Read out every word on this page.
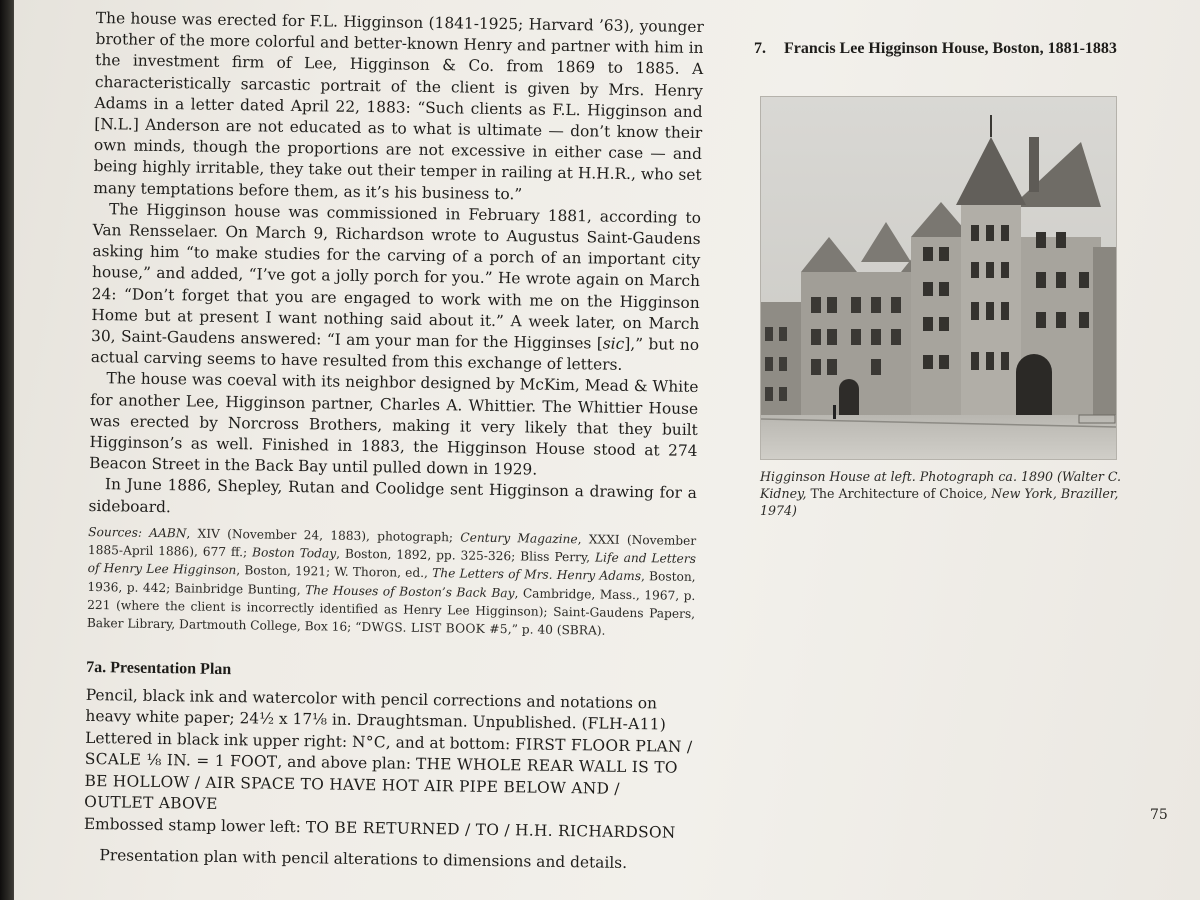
The house was erected for F.L. Higginson (1841-1925; Harvard ’63), younger brother of the more colorful and better-known Henry and partner with him in the investment firm of Lee, Higginson & Co. from 1869 to 1885. A characteristically sarcastic portrait of the client is given by Mrs. Henry Adams in a letter dated April 22, 1883: “Such clients as F.L. Higginson and [N.L.] Anderson are not educated as to what is ultimate — don’t know their own minds, though the proportions are not excessive in either case — and being highly irritable, they take out their temper in railing at H.H.R., who set many temptations before them, as it’s his business to.”

The Higginson house was commissioned in February 1881, according to Van Rensselaer. On March 9, Richardson wrote to Augustus Saint-Gaudens asking him “to make studies for the carving of a porch of an important city house,” and added, “I’ve got a jolly porch for you.” He wrote again on March 24: “Don’t forget that you are engaged to work with me on the Higginson Home but at present I want nothing said about it.” A week later, on March 30, Saint-Gaudens answered: “I am your man for the Higginses [sic],” but no actual carving seems to have resulted from this exchange of letters.

The house was coeval with its neighbor designed by McKim, Mead & White for another Lee, Higginson partner, Charles A. Whittier. The Whittier House was erected by Norcross Brothers, making it very likely that they built Higginson’s as well. Finished in 1883, the Higginson House stood at 274 Beacon Street in the Back Bay until pulled down in 1929.

In June 1886, Shepley, Rutan and Coolidge sent Higginson a drawing for a sideboard.

Sources: AABN, XIV (November 24, 1883), photograph; Century Magazine, XXXI (November 1885-April 1886), 677 ff.; Boston Today, Boston, 1892, pp. 325-326; Bliss Perry, Life and Letters of Henry Lee Higginson, Boston, 1921; W. Thoron, ed., The Letters of Mrs. Henry Adams, Boston, 1936, p. 442; Bainbridge Bunting, The Houses of Boston’s Back Bay, Cambridge, Mass., 1967, p. 221 (where the client is incorrectly identified as Henry Lee Higginson); Saint-Gaudens Papers, Baker Library, Dartmouth College, Box 16; “DWGS. LIST BOOK #5,” p. 40 (SBRA).

7a. Presentation Plan

Pencil, black ink and watercolor with pencil corrections and notations on heavy white paper; 24½ x 17⅛ in. Draughtsman. Unpublished. (FLH-A11)

Lettered in black ink upper right: N°C, and at bottom: FIRST FLOOR PLAN / SCALE ⅛ IN. = 1 FOOT, and above plan: THE WHOLE REAR WALL IS TO BE HOLLOW / AIR SPACE TO HAVE HOT AIR PIPE BELOW AND / OUTLET ABOVE

Embossed stamp lower left: TO BE RETURNED / TO / H.H. RICHARDSON

Presentation plan with pencil alterations to dimensions and details.

7.	Francis Lee Higginson House, Boston, 1881-1883
Higginson House at left. Photograph ca. 1890 (Walter C. Kidney, The Architecture of Choice, New York, Braziller, 1974)
75
